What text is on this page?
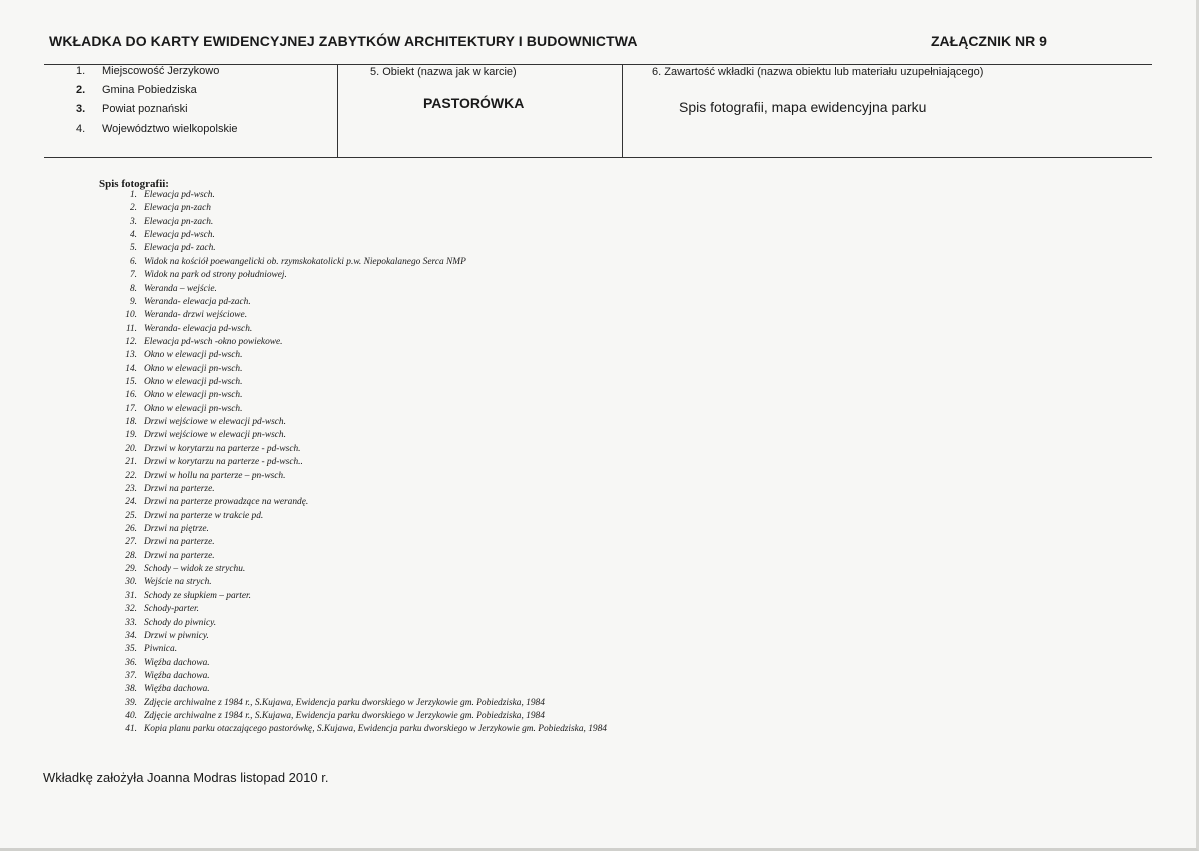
WKŁADKA DO KARTY EWIDENCYJNEJ ZABYTKÓW ARCHITEKTURY I BUDOWNICTWA	ZAŁĄCZNIK NR 9
1. Miejscowość Jerzykowo
2. Gmina Pobiedziska
3. Powiat poznański
4. Województwo wielkopolskie
5. Obiekt (nazwa jak w karcie)
PASTORÓWKA
6. Zawartość wkładki (nazwa obiektu lub materiału uzupełniającego)
Spis fotografii, mapa ewidencyjna parku
Spis fotografii:
1. Elewacja pd-wsch.
2. Elewacja pn-zach
3. Elewacja pn-zach.
4. Elewacja pd-wsch.
5. Elewacja pd- zach.
6. Widok na kościół poewangelicki ob. rzymskokatolicki p.w. Niepokalanego Serca NMP
7. Widok na park od strony południowej.
8. Weranda – wejście.
9. Weranda- elewacja pd-zach.
10. Weranda- drzwi wejściowe.
11. Weranda- elewacja pd-wsch.
12. Elewacja pd-wsch -okno powiekowe.
13. Okno w elewacji pd-wsch.
14. Okno w elewacji pn-wsch.
15. Okno w elewacji pd-wsch.
16. Okno w elewacji pn-wsch.
17. Okno w elewacji pn-wsch.
18. Drzwi wejściowe w elewacji pd-wsch.
19. Drzwi wejściowe w elewacji pn-wsch.
20. Drzwi w korytarzu na parterze - pd-wsch.
21. Drzwi w korytarzu na parterze - pd-wsch..
22. Drzwi w hollu na parterze – pn-wsch.
23. Drzwi na parterze.
24. Drzwi na parterze prowadzące na werandę.
25. Drzwi na parterze w trakcie pd.
26. Drzwi na piętrze.
27. Drzwi na parterze.
28. Drzwi na parterze.
29. Schody – widok ze strychu.
30. Wejście na strych.
31. Schody ze słupkiem – parter.
32. Schody-parter.
33. Schody do piwnicy.
34. Drzwi w piwnicy.
35. Piwnica.
36. Więźba dachowa.
37. Więźba dachowa.
38. Więźba dachowa.
39. Zdjęcie archiwalne z 1984 r., S.Kujawa, Ewidencja parku dworskiego w Jerzykowie gm. Pobiedziska, 1984
40. Zdjęcie archiwalne z 1984 r., S.Kujawa, Ewidencja parku dworskiego w Jerzykowie gm. Pobiedziska, 1984
41. Kopia planu parku otaczającego pastorówkę, S.Kujawa, Ewidencja parku dworskiego w Jerzykowie gm. Pobiedziska, 1984
Wkładkę założyła Joanna Modras listopad 2010 r.
